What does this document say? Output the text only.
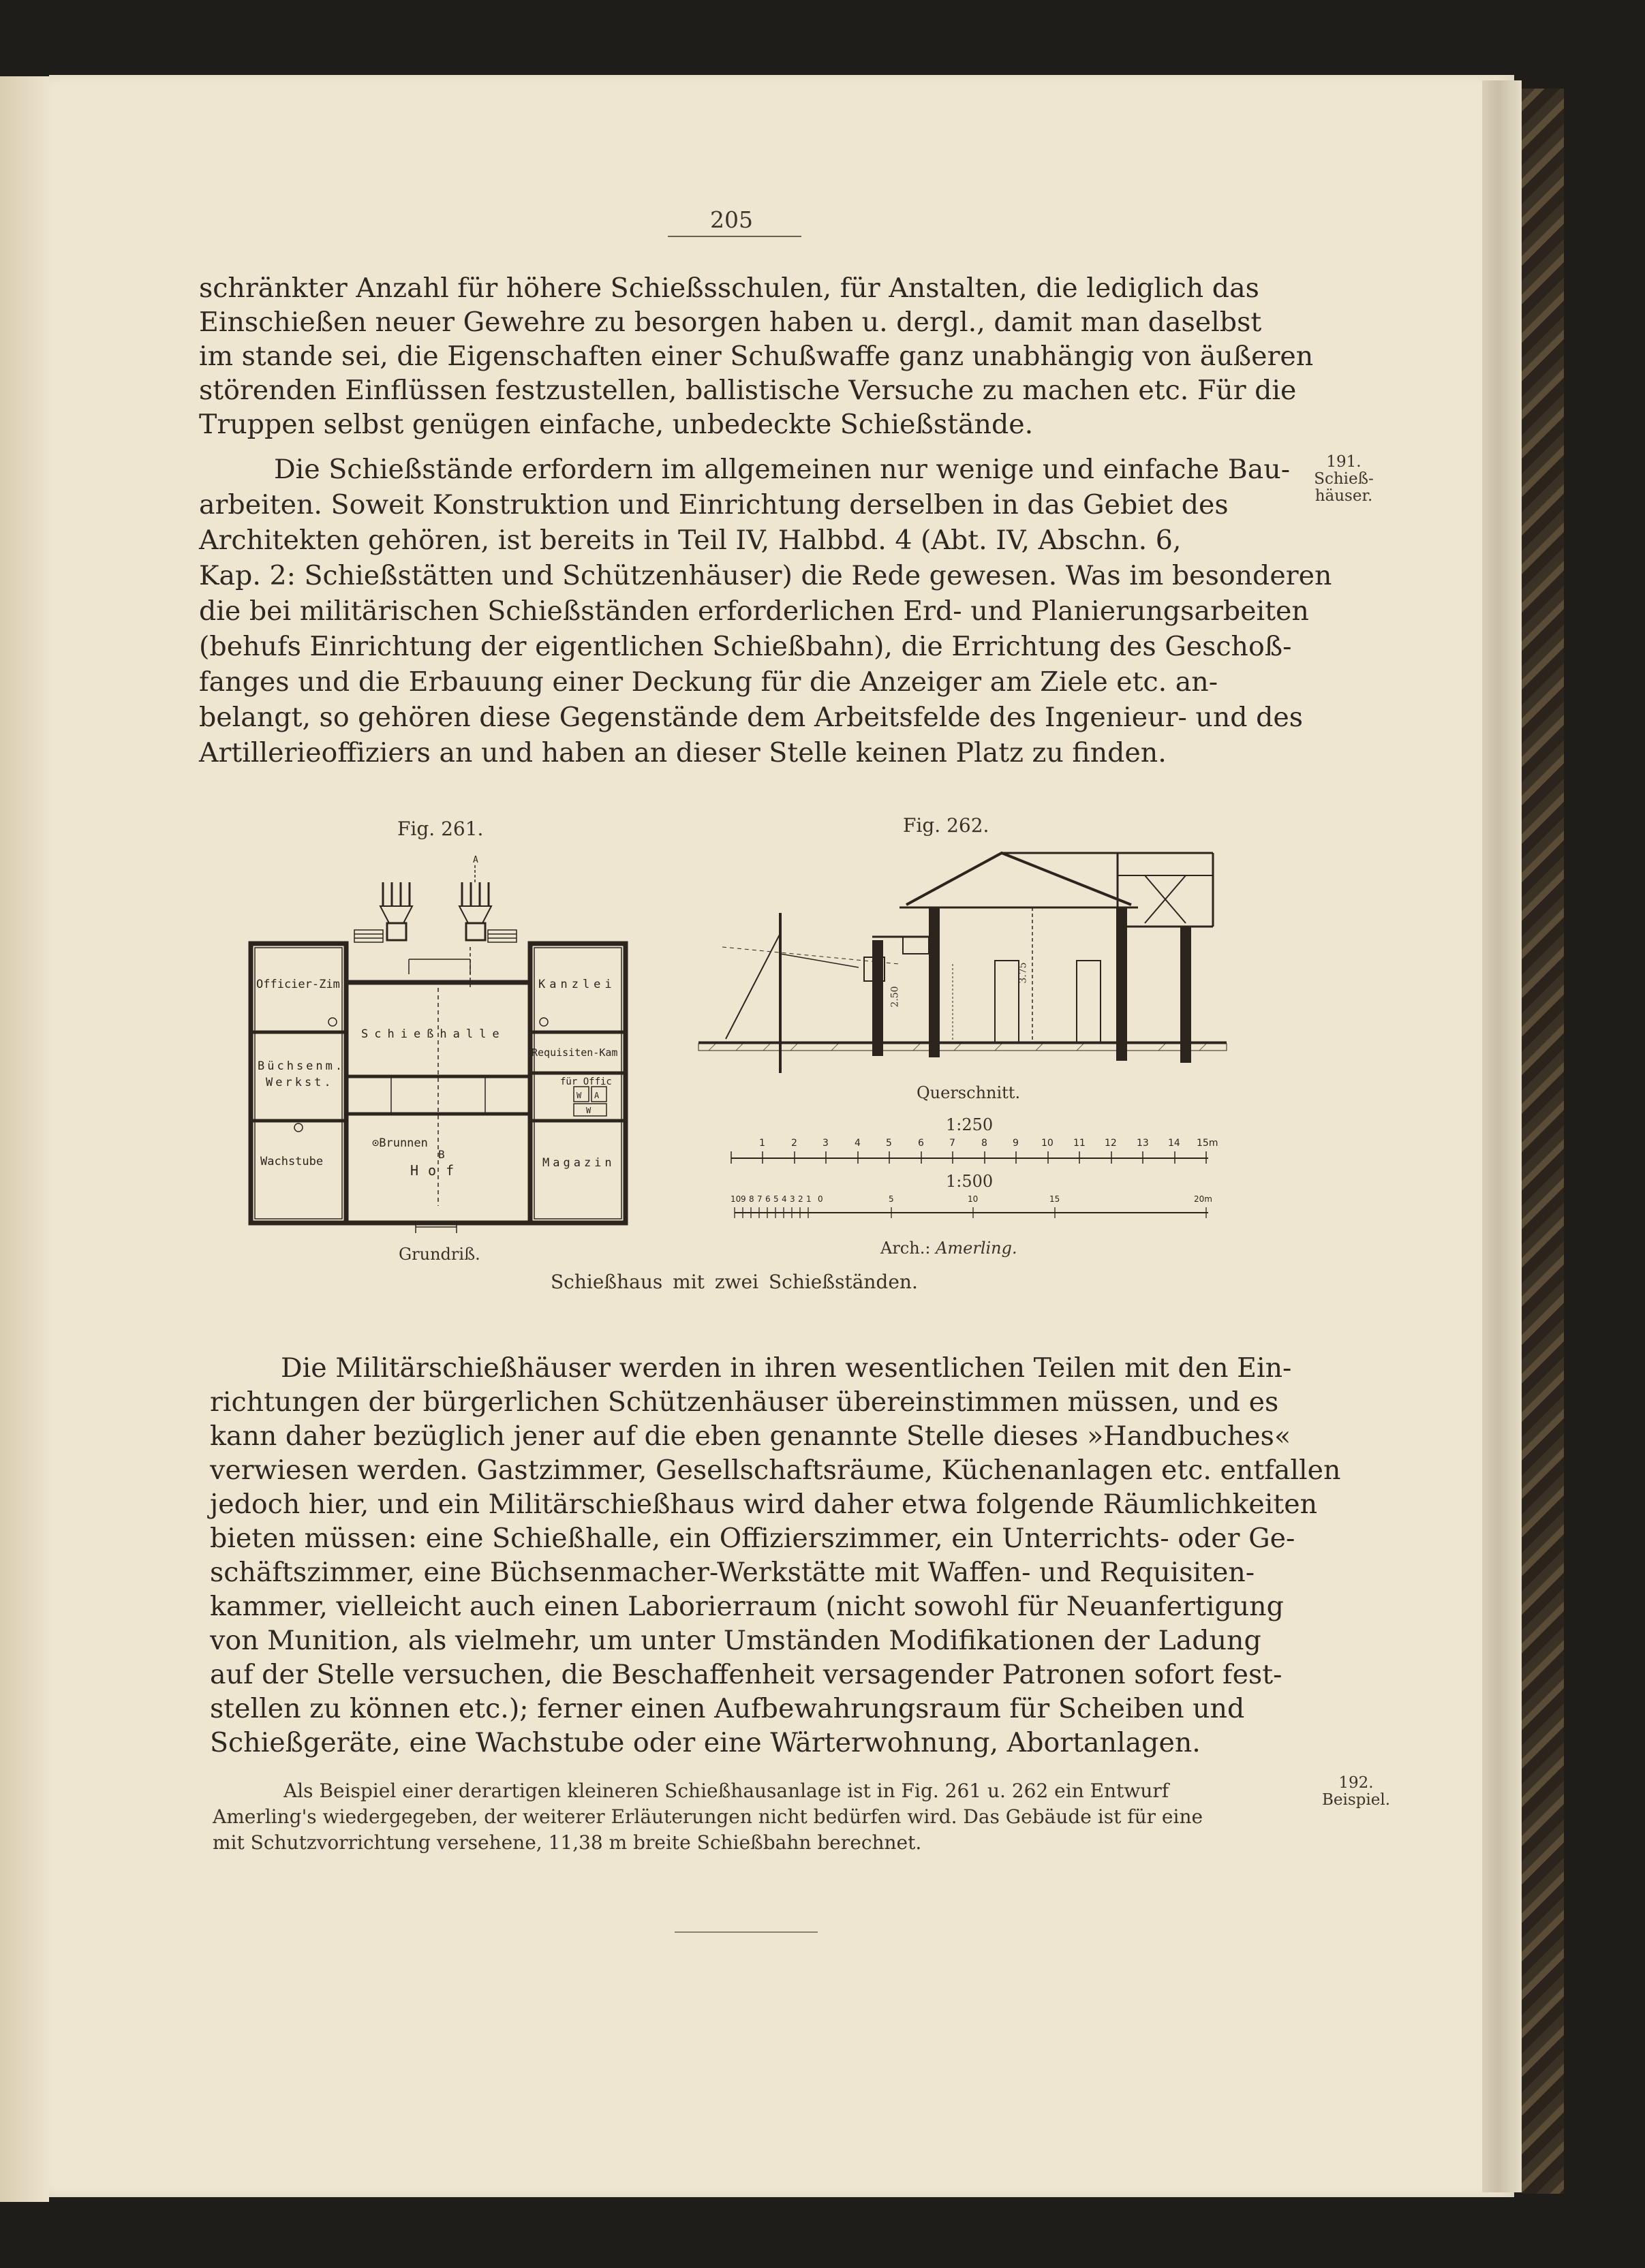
205
schränkter Anzahl für höhere Schießsschulen, für Anstalten, die lediglich das
Einschießen neuer Gewehre zu besorgen haben u. dergl., damit man daselbst
im stande sei, die Eigenschaften einer Schußwaffe ganz unabhängig von äußeren
störenden Einflüssen festzustellen, ballistische Versuche zu machen etc. Für die
Truppen selbst genügen einfache, unbedeckte Schießstände.
Die Schießstände erfordern im allgemeinen nur wenige und einfache Bau-
arbeiten. Soweit Konstruktion und Einrichtung derselben in das Gebiet des
Architekten gehören, ist bereits in Teil IV, Halbbd. 4 (Abt. IV, Abschn. 6,
Kap. 2: Schießstätten und Schützenhäuser) die Rede gewesen. Was im besonderen
die bei militärischen Schießständen erforderlichen Erd- und Planierungsarbeiten
(behufs Einrichtung der eigentlichen Schießbahn), die Errichtung des Geschoß-
fanges und die Erbauung einer Deckung für die Anzeiger am Ziele etc. an-
belangt, so gehören diese Gegenstände dem Arbeitsfelde des Ingenieur- und des
Artillerieoffiziers an und haben an dieser Stelle keinen Platz zu finden.
191.
Schieß-
häuser.
Fig. 261.	Fig. 262.
Officier-Zim	Kanzlei
Schießhalle
Requisiten-Kam
Büchsenm.
Werkst.	für Offic
W A
W
Wachstube
⊙Brunnen
Hof	Magazin
A
B
3.75
2.50
Querschnitt.
1:250
1	2	3	4	5	6	7	8	9 10 11 12 13 14 15m
1:500
10 9 8 7 6 5 4 3 2 1 0	5	10	15	20m
Grundriß.	Arch.: Amerling.
Schießhaus mit zwei Schießständen.
Die Militärschießhäuser werden in ihren wesentlichen Teilen mit den Ein-
richtungen der bürgerlichen Schützenhäuser übereinstimmen müssen, und es
kann daher bezüglich jener auf die eben genannte Stelle dieses »Handbuches«
verwiesen werden. Gastzimmer, Gesellschaftsräume, Küchenanlagen etc. entfallen
jedoch hier, und ein Militärschießhaus wird daher etwa folgende Räumlichkeiten
bieten müssen: eine Schießhalle, ein Offizierszimmer, ein Unterrichts- oder Ge-
schäftszimmer, eine Büchsenmacher-Werkstätte mit Waffen- und Requisiten-
kammer, vielleicht auch einen Laborierraum (nicht sowohl für Neuanfertigung
von Munition, als vielmehr, um unter Umständen Modifikationen der Ladung
auf der Stelle versuchen, die Beschaffenheit versagender Patronen sofort fest-
stellen zu können etc.); ferner einen Aufbewahrungsraum für Scheiben und
Schießgeräte, eine Wachstube oder eine Wärterwohnung, Abortanlagen.
Als Beispiel einer derartigen kleineren Schießhausanlage ist in Fig. 261 u. 262 ein Entwurf
Amerling's wiedergegeben, der weiterer Erläuterungen nicht bedürfen wird. Das Gebäude ist für eine
mit Schutzvorrichtung versehene, 11,38 m breite Schießbahn berechnet.
192.
Beispiel.
